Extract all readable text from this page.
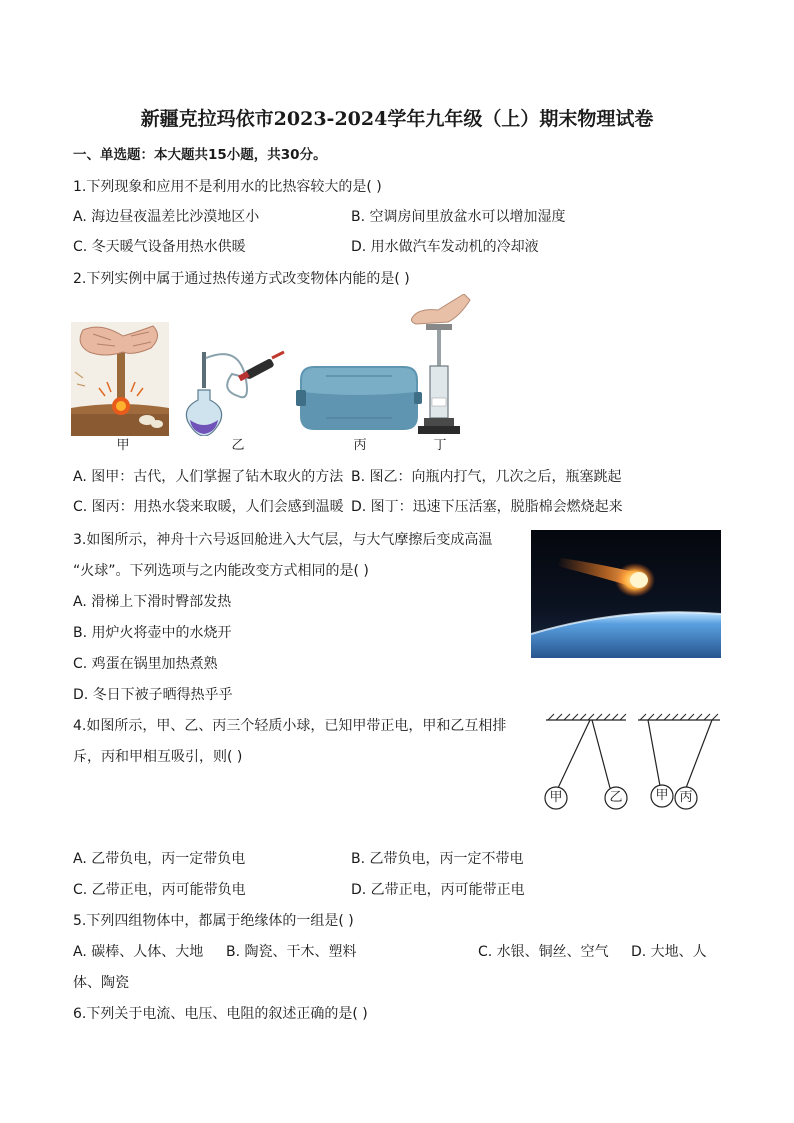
新疆克拉玛依市2023-2024学年九年级（上）期末物理试卷
一、单选题：本大题共15小题，共30分。
1.下列现象和应用不是利用水的比热容较大的是( )
A. 海边昼夜温差比沙漠地区小	B. 空调房间里放盆水可以增加湿度
C. 冬天暖气设备用热水供暖	D. 用水做汽车发动机的冷却液
2.下列实例中属于通过热传递方式改变物体内能的是( )
甲	乙	丙	丁
A. 图甲：古代，人们掌握了钻木取火的方法 B. 图乙：向瓶内打气，几次之后，瓶塞跳起
C. 图丙：用热水袋来取暖，人们会感到温暖 D. 图丁：迅速下压活塞，脱脂棉会燃烧起来
3.如图所示，神舟十六号返回舱进入大气层，与大气摩擦后变成高温
“火球”。下列选项与之内能改变方式相同的是( )
A. 滑梯上下滑时臀部发热
B. 用炉火将壶中的水烧开
C. 鸡蛋在锅里加热煮熟
D. 冬日下被子晒得热乎乎
4.如图所示，甲、乙、丙三个轻质小球，已知甲带正电，甲和乙互相排
斥，丙和甲相互吸引，则( )
甲	乙	甲 丙
A. 乙带负电，丙一定带负电	B. 乙带负电，丙一定不带电
C. 乙带正电，丙可能带负电	D. 乙带正电，丙可能带正电
5.下列四组物体中，都属于绝缘体的一组是( )
A. 碳棒、人体、大地 B. 陶瓷、干木、塑料	C. 水银、铜丝、空气 D. 大地、人
体、陶瓷
6.下列关于电流、电压、电阻的叙述正确的是( )
